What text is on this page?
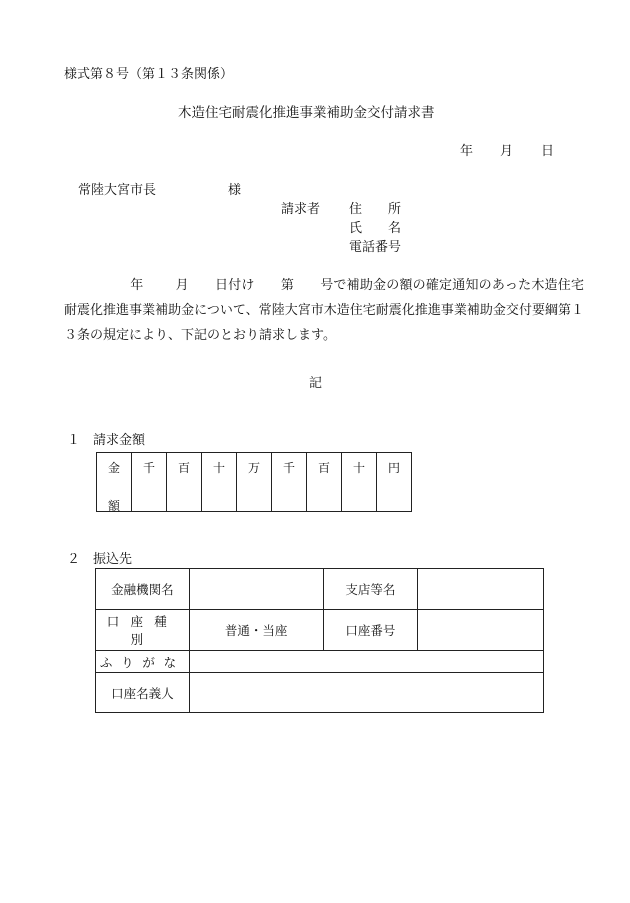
様式第８号（第１３条関係）
木造住宅耐震化推進事業補助金交付請求書
年 月 日
常陸大宮市長	様
請求者 住　　所
氏　　名
電話番号
年 月 日付け 第 号で補助金の額の確定通知のあった木造住宅耐震化推進事業補助金について、常陸大宮市木造住宅耐震化推進事業補助金交付要綱第１３条の規定により、下記のとおり請求します。
記
１　請求金額
金
額

千	百	十	万	千	百	十	円
２　振込先
金融機関名		支店等名	
口座種別	普通・当座	口座番号	
ふりがな			
口座名義人			
